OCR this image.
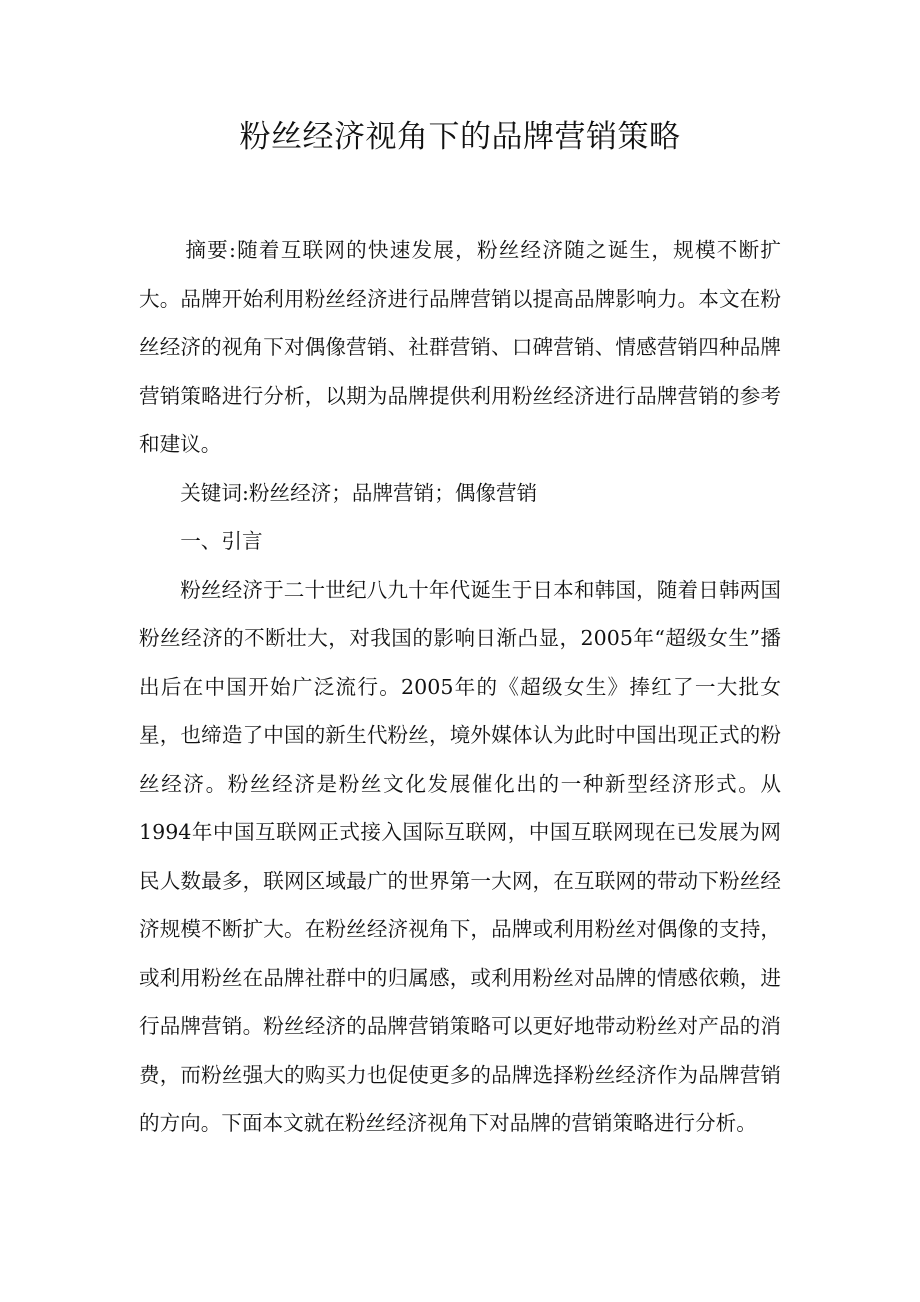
粉丝经济视角下的品牌营销策略

摘要:随着互联网的快速发展，粉丝经济随之诞生，规模不断扩大。品牌开始利用粉丝经济进行品牌营销以提高品牌影响力。本文在粉丝经济的视角下对偶像营销、社群营销、口碑营销、情感营销四种品牌营销策略进行分析，以期为品牌提供利用粉丝经济进行品牌营销的参考和建议。

关键词:粉丝经济；品牌营销；偶像营销

一、引言

粉丝经济于二十世纪八九十年代诞生于日本和韩国，随着日韩两国粉丝经济的不断壮大，对我国的影响日渐凸显，2005年“超级女生”播出后在中国开始广泛流行。2005年的《超级女生》捧红了一大批女星，也缔造了中国的新生代粉丝，境外媒体认为此时中国出现正式的粉丝经济。粉丝经济是粉丝文化发展催化出的一种新型经济形式。从1994年中国互联网正式接入国际互联网，中国互联网现在已发展为网民人数最多，联网区域最广的世界第一大网，在互联网的带动下粉丝经济规模不断扩大。在粉丝经济视角下，品牌或利用粉丝对偶像的支持，或利用粉丝在品牌社群中的归属感，或利用粉丝对品牌的情感依赖，进行品牌营销。粉丝经济的品牌营销策略可以更好地带动粉丝对产品的消费，而粉丝强大的购买力也促使更多的品牌选择粉丝经济作为品牌营销的方向。下面本文就在粉丝经济视角下对品牌的营销策略进行分析。
